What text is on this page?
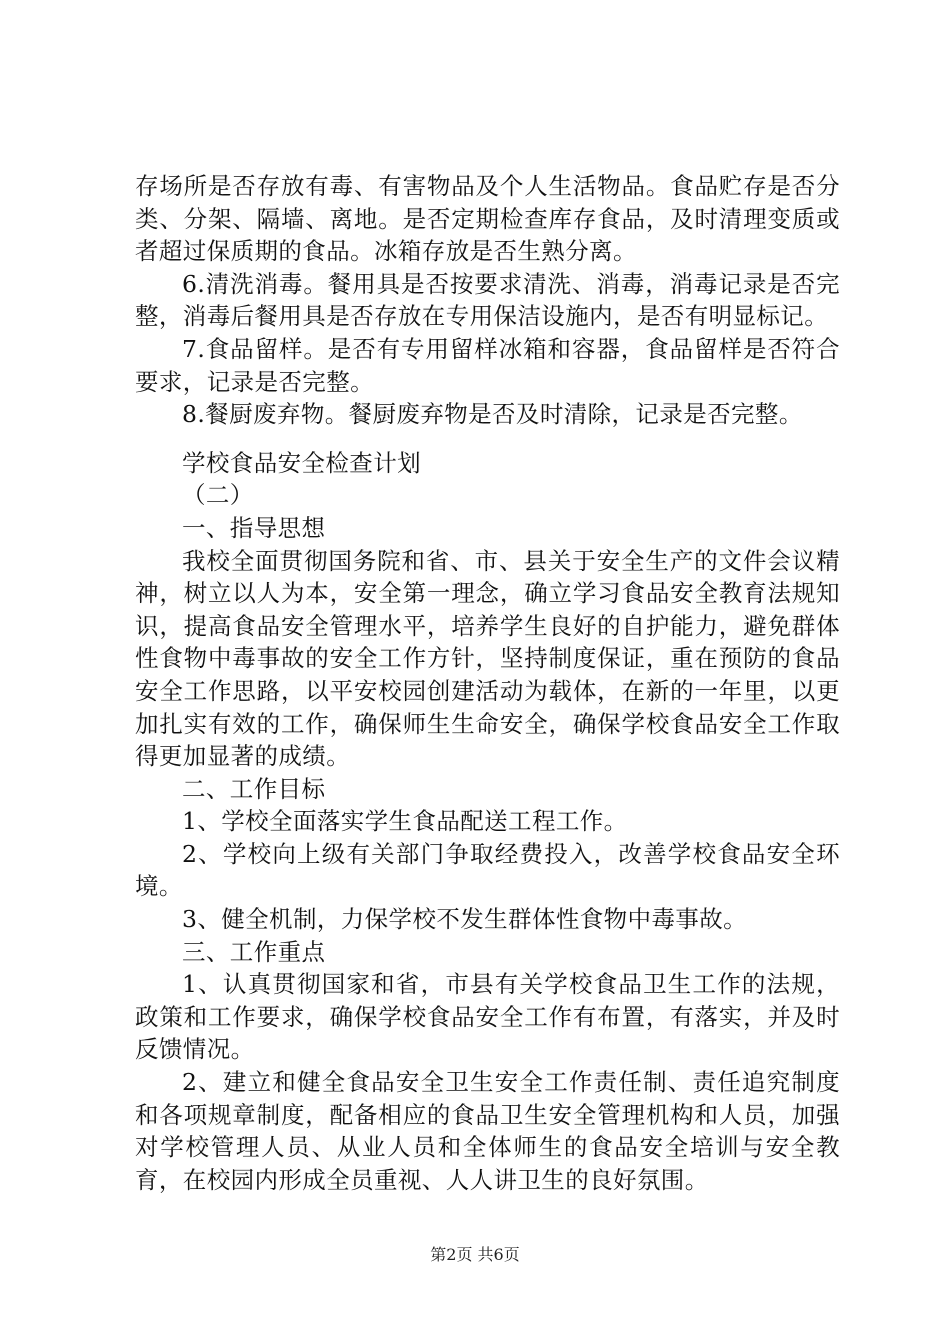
存场所是否存放有毒、有害物品及个人生活物品。食品贮存是否分类、分架、隔墙、离地。是否定期检查库存食品，及时清理变质或者超过保质期的食品。冰箱存放是否生熟分离。

6.清洗消毒。餐用具是否按要求清洗、消毒，消毒记录是否完整，消毒后餐用具是否存放在专用保洁设施内，是否有明显标记。

7.食品留样。是否有专用留样冰箱和容器，食品留样是否符合要求，记录是否完整。

8.餐厨废弃物。餐厨废弃物是否及时清除，记录是否完整。

学校食品安全检查计划

（二）

一、指导思想

我校全面贯彻国务院和省、市、县关于安全生产的文件会议精神，树立以人为本，安全第一理念，确立学习食品安全教育法规知识，提高食品安全管理水平，培养学生良好的自护能力，避免群体性食物中毒事故的安全工作方针，坚持制度保证，重在预防的食品安全工作思路，以平安校园创建活动为载体，在新的一年里，以更加扎实有效的工作，确保师生生命安全，确保学校食品安全工作取得更加显著的成绩。

二、工作目标

1、学校全面落实学生食品配送工程工作。

2、学校向上级有关部门争取经费投入，改善学校食品安全环境。

3、健全机制，力保学校不发生群体性食物中毒事故。

三、工作重点

1、认真贯彻国家和省，市县有关学校食品卫生工作的法规，政策和工作要求，确保学校食品安全工作有布置，有落实，并及时反馈情况。

2、建立和健全食品安全卫生安全工作责任制、责任追究制度和各项规章制度，配备相应的食品卫生安全管理机构和人员，加强对学校管理人员、从业人员和全体师生的食品安全培训与安全教育，在校园内形成全员重视、人人讲卫生的良好氛围。

第2页 共6页
